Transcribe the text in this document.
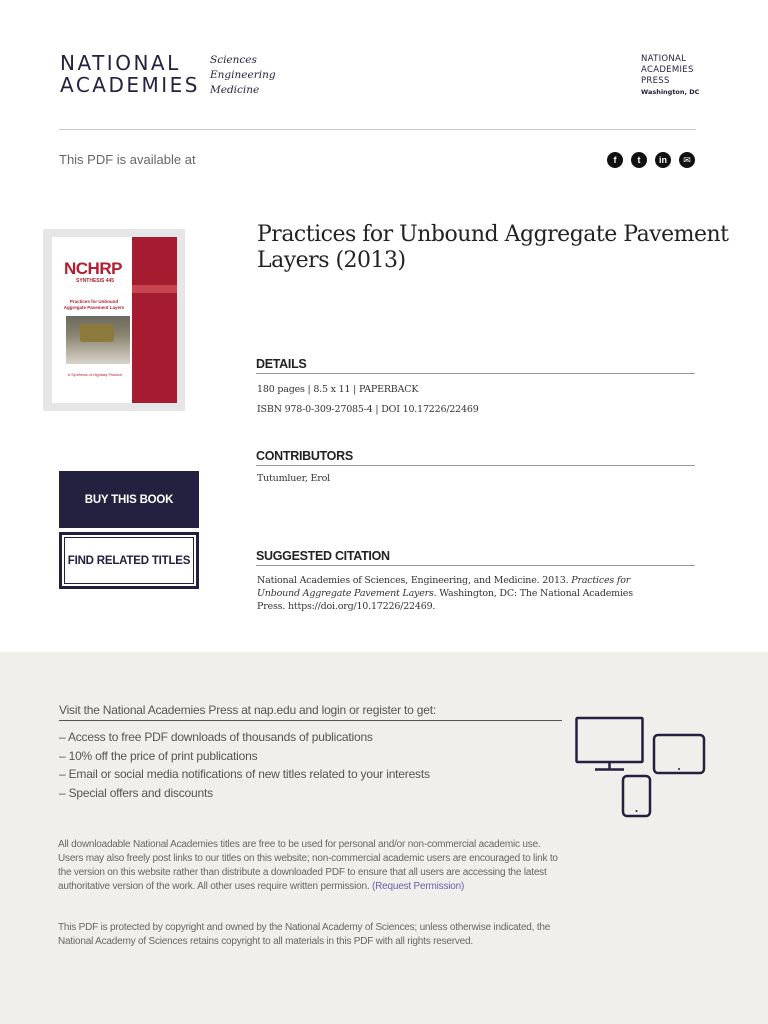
NATIONAL
ACADEMIES
Sciences
Engineering
Medicine
NATIONAL
ACADEMIES
PRESS
Washington, DC
This PDF is available at	f	t	in	✉
NCHRP
SYNTHESIS 445
Practices for Unbound Aggregate Pavement Layers
A Synthesis of Highway Practice
Practices for Unbound Aggregate Pavement Layers (2013)
BUY THIS BOOK
FIND RELATED TITLES
DETAILS
180 pages | 8.5 x 11 | PAPERBACK
ISBN 978-0-309-27085-4 | DOI 10.17226/22469
CONTRIBUTORS
Tutumluer, Erol
SUGGESTED CITATION
National Academies of Sciences, Engineering, and Medicine. 2013. Practices for Unbound Aggregate Pavement Layers. Washington, DC: The National Academies Press. https://doi.org/10.17226/22469.
Visit the National Academies Press at nap.edu and login or register to get:
– Access to free PDF downloads of thousands of publications
– 10% off the price of print publications
– Email or social media notifications of new titles related to your interests
– Special offers and discounts
All downloadable National Academies titles are free to be used for personal and/or non-commercial academic use. Users may also freely post links to our titles on this website; non-commercial academic users are encouraged to link to the version on this website rather than distribute a downloaded PDF to ensure that all users are accessing the latest authoritative version of the work. All other uses require written permission. (Request Permission)
This PDF is protected by copyright and owned by the National Academy of Sciences; unless otherwise indicated, the National Academy of Sciences retains copyright to all materials in this PDF with all rights reserved.
